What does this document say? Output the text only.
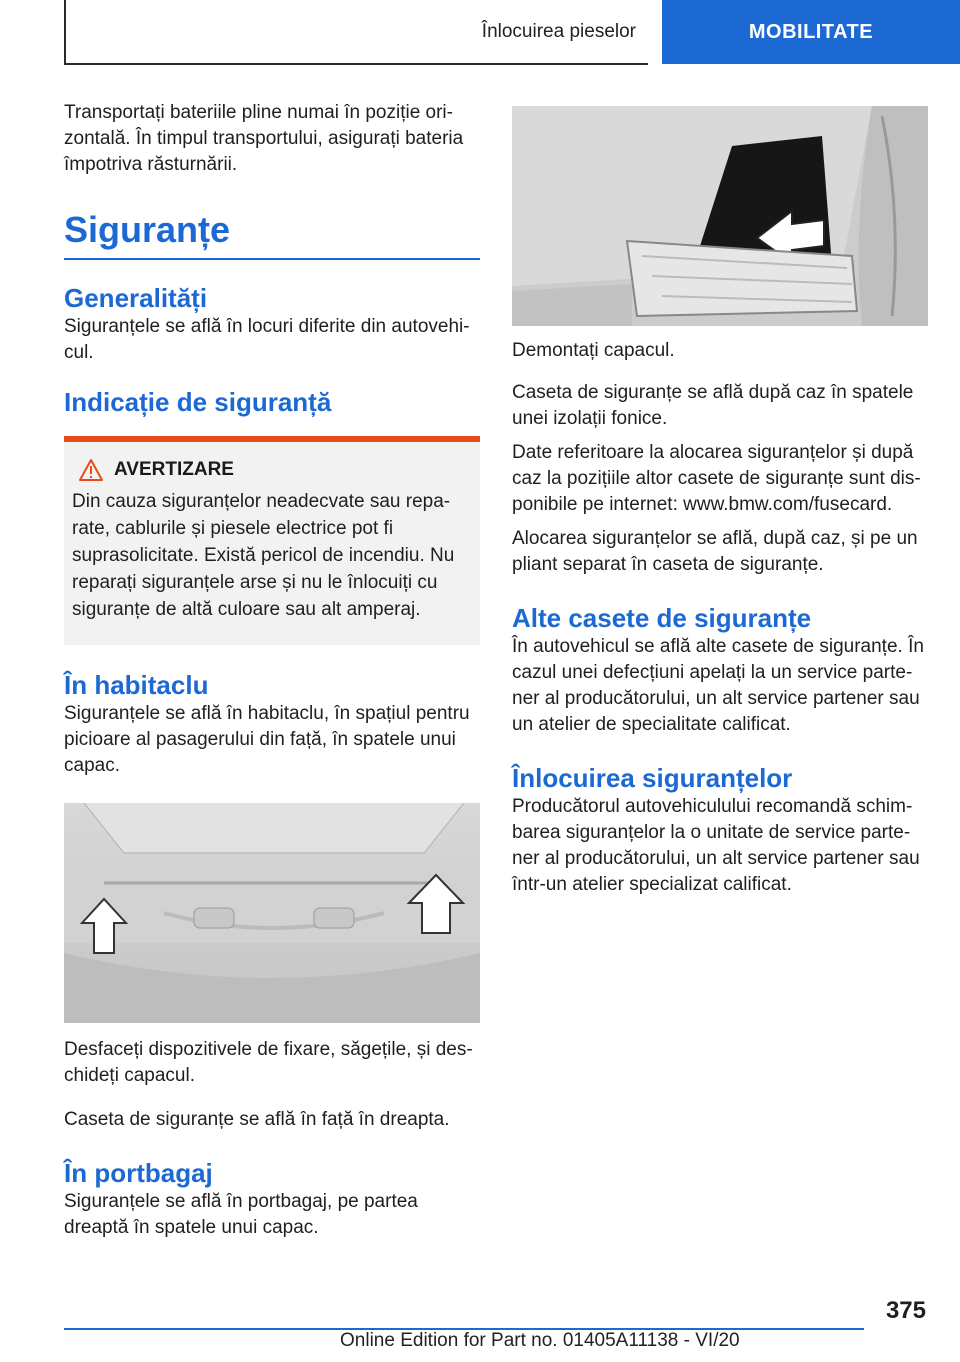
Înlocuirea pieselor	MOBILITATE

Transportați bateriile pline numai în poziție orizontală. În timpul transportului, asigurați bateria împotriva răsturnării.

Siguranțe
Generalități

Siguranțele se află în locuri diferite din autovehicul.

Indicație de siguranță
AVERTIZARE

Din cauza siguranțelor neadecvate sau reparate, cablurile și piesele electrice pot fi suprasolicitate. Există pericol de incendiu. Nu reparați siguranțele arse și nu le înlocuiți cu siguranțe de altă culoare sau alt amperaj.

În habitaclu

Siguranțele se află în habitaclu, în spațiul pentru picioare al pasagerului din față, în spatele unui capac.

Desfaceți dispozitivele de fixare, săgețile, și deschideți capacul.

Caseta de siguranțe se află în față în dreapta.

În portbagaj

Siguranțele se află în portbagaj, pe partea dreaptă în spatele unui capac.

Demontați capacul.

Caseta de siguranțe se află după caz în spatele unei izolații fonice.

Date referitoare la alocarea siguranțelor și după caz la pozițiile altor casete de siguranțe sunt disponibile pe internet: www.bmw.com/fusecard.

Alocarea siguranțelor se află, după caz, și pe un pliant separat în caseta de siguranțe.

Alte casete de siguranțe

În autovehicul se află alte casete de siguranțe. În cazul unei defecțiuni apelați la un service partener al producătorului, un alt service partener sau un atelier de specialitate calificat.

Înlocuirea siguranțelor

Producătorul autovehiculului recomandă schimbarea siguranțelor la o unitate de service partener al producătorului, un alt service partener sau într-un atelier specializat calificat.

375
Online Edition for Part no. 01405A11138 - VI/20
